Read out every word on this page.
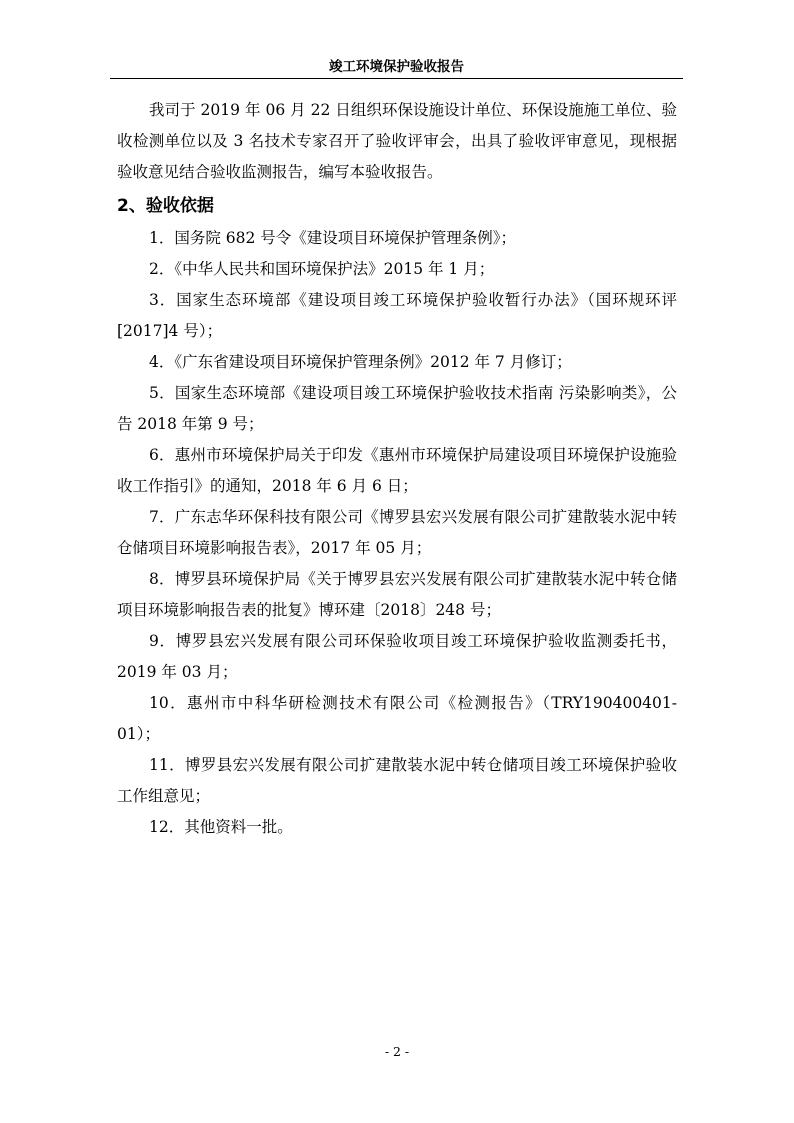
竣工环境保护验收报告

我司于 2019 年 06 月 22 日组织环保设施设计单位、环保设施施工单位、验收检测单位以及 3 名技术专家召开了验收评审会，出具了验收评审意见，现根据验收意见结合验收监测报告，编写本验收报告。

2、验收依据
1．国务院 682 号令《建设项目环境保护管理条例》；
2．《中华人民共和国环境保护法》2015 年 1 月；
3．国家生态环境部《建设项目竣工环境保护验收暂行办法》（国环规环评[2017]4 号）；
4．《广东省建设项目环境保护管理条例》2012 年 7 月修订；
5．国家生态环境部《建设项目竣工环境保护验收技术指南 污染影响类》，公告 2018 年第 9 号；
6．惠州市环境保护局关于印发《惠州市环境保护局建设项目环境保护设施验收工作指引》的通知，2018 年 6 月 6 日；
7．广东志华环保科技有限公司《博罗县宏兴发展有限公司扩建散装水泥中转仓储项目环境影响报告表》，2017 年 05 月；
8．博罗县环境保护局《关于博罗县宏兴发展有限公司扩建散装水泥中转仓储项目环境影响报告表的批复》博环建〔2018〕248 号；
9．博罗县宏兴发展有限公司环保验收项目竣工环境保护验收监测委托书，2019 年 03 月；
10．惠州市中科华研检测技术有限公司《检测报告》（TRY190400401-01）；
11．博罗县宏兴发展有限公司扩建散装水泥中转仓储项目竣工环境保护验收工作组意见；
12．其他资料一批。
- 2 -
